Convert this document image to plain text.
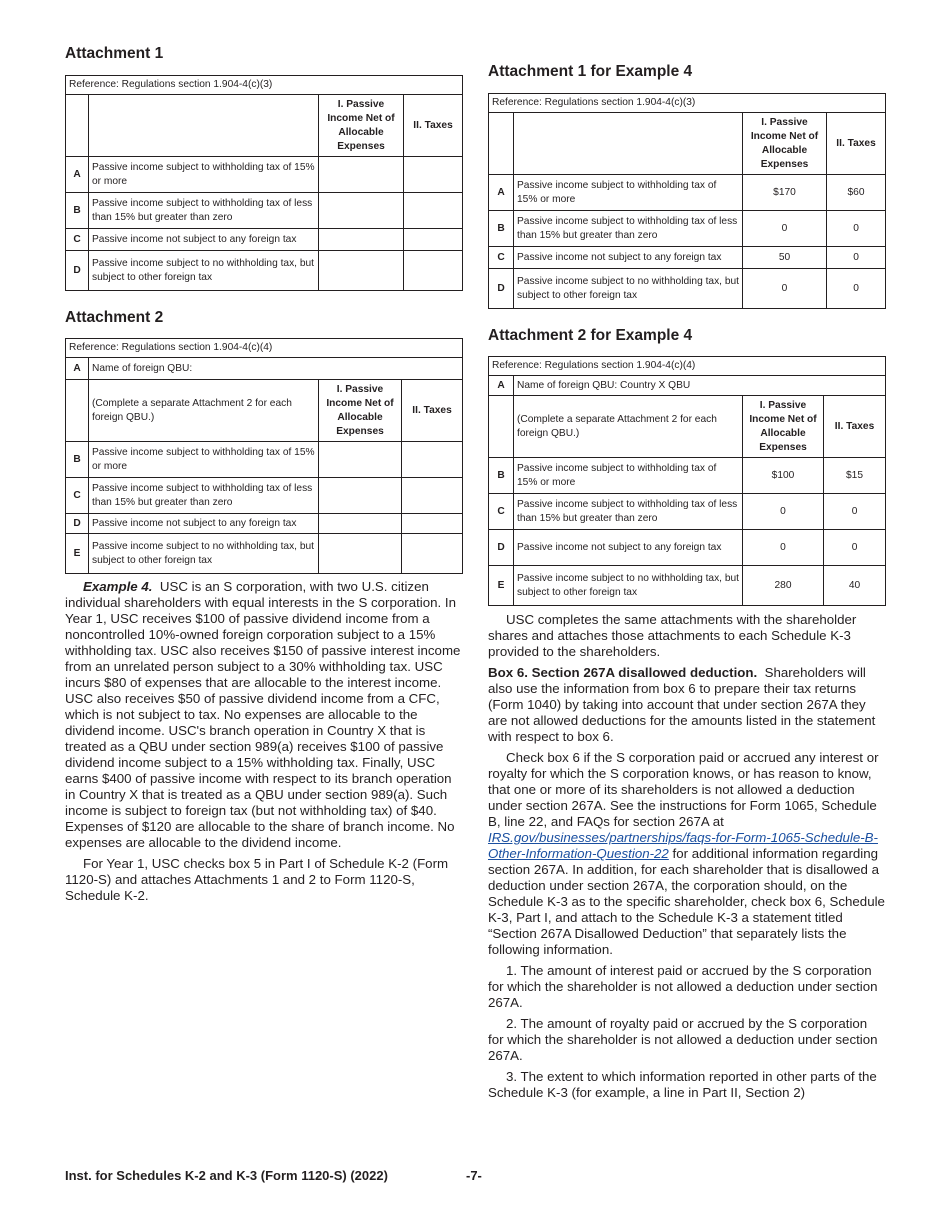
Attachment 1
Reference: Regulations section 1.904-4(c)(3)			
		I. Passive Income Net of Allocable Expenses	II. Taxes
A	Passive income subject to withholding tax of 15% or more		
B	Passive income subject to withholding tax of less than 15% but greater than zero		
C	Passive income not subject to any foreign tax		
D	Passive income subject to no withholding tax, but subject to other foreign tax		
Attachment 2
Reference: Regulations section 1.904-4(c)(4)			
A	Name of foreign QBU:		
	(Complete a separate Attachment 2 for each foreign QBU.)	I. Passive Income Net of Allocable Expenses	II. Taxes
B	Passive income subject to withholding tax of 15% or more		
C	Passive income subject to withholding tax of less than 15% but greater than zero		
D	Passive income not subject to any foreign tax		
E	Passive income subject to no withholding tax, but subject to other foreign tax		

Example 4. USC is an S corporation, with two U.S. citizen individual shareholders with equal interests in the S corporation. In Year 1, USC receives $100 of passive dividend income from a noncontrolled 10%-owned foreign corporation subject to a 15% withholding tax. USC also receives $150 of passive interest income from an unrelated person subject to a 30% withholding tax. USC incurs $80 of expenses that are allocable to the interest income. USC also receives $50 of passive dividend income from a CFC, which is not subject to tax. No expenses are allocable to the dividend income. USC's branch operation in Country X that is treated as a QBU under section 989(a) receives $100 of passive dividend income subject to a 15% withholding tax. Finally, USC earns $400 of passive income with respect to its branch operation in Country X that is treated as a QBU under section 989(a). Such income is subject to foreign tax (but not withholding tax) of $40. Expenses of $120 are allocable to the share of branch income. No expenses are allocable to the dividend income.

For Year 1, USC checks box 5 in Part I of Schedule K-2 (Form 1120-S) and attaches Attachments 1 and 2 to Form 1120-S, Schedule K-2.

Attachment 1 for Example 4
Reference: Regulations section 1.904-4(c)(3)			
		I. Passive Income Net of Allocable Expenses	II. Taxes
A	Passive income subject to withholding tax of 15% or more	$170	$60
B	Passive income subject to withholding tax of less than 15% but greater than zero	0	0
C	Passive income not subject to any foreign tax	50	0
D	Passive income subject to no withholding tax, but subject to other foreign tax	0	0
Attachment 2 for Example 4
Reference: Regulations section 1.904-4(c)(4)			
A	Name of foreign QBU: Country X QBU		
	(Complete a separate Attachment 2 for each foreign QBU.)	I. Passive Income Net of Allocable Expenses	II. Taxes
B	Passive income subject to withholding tax of 15% or more	$100	$15
C	Passive income subject to withholding tax of less than 15% but greater than zero	0	0
D	Passive income not subject to any foreign tax	0	0
E	Passive income subject to no withholding tax, but subject to other foreign tax	280	40

USC completes the same attachments with the shareholder shares and attaches those attachments to each Schedule K-3 provided to the shareholders.

Box 6. Section 267A disallowed deduction. Shareholders will also use the information from box 6 to prepare their tax returns (Form 1040) by taking into account that under section 267A they are not allowed deductions for the amounts listed in the statement with respect to box 6.

Check box 6 if the S corporation paid or accrued any interest or royalty for which the S corporation knows, or has reason to know, that one or more of its shareholders is not allowed a deduction under section 267A. See the instructions for Form 1065, Schedule B, line 22, and FAQs for section 267A at IRS.gov/businesses/partnerships/faqs-for-Form-1065-Schedule-B-Other-Information-Question-22 for additional information regarding section 267A. In addition, for each shareholder that is disallowed a deduction under section 267A, the corporation should, on the Schedule K-3 as to the specific shareholder, check box 6, Schedule K-3, Part I, and attach to the Schedule K-3 a statement titled “Section 267A Disallowed Deduction” that separately lists the following information.

1. The amount of interest paid or accrued by the S corporation for which the shareholder is not allowed a deduction under section 267A.

2. The amount of royalty paid or accrued by the S corporation for which the shareholder is not allowed a deduction under section 267A.

3. The extent to which information reported in other parts of the Schedule K-3 (for example, a line in Part II, Section 2)

Inst. for Schedules K-2 and K-3 (Form 1120-S) (2022)	-7-
